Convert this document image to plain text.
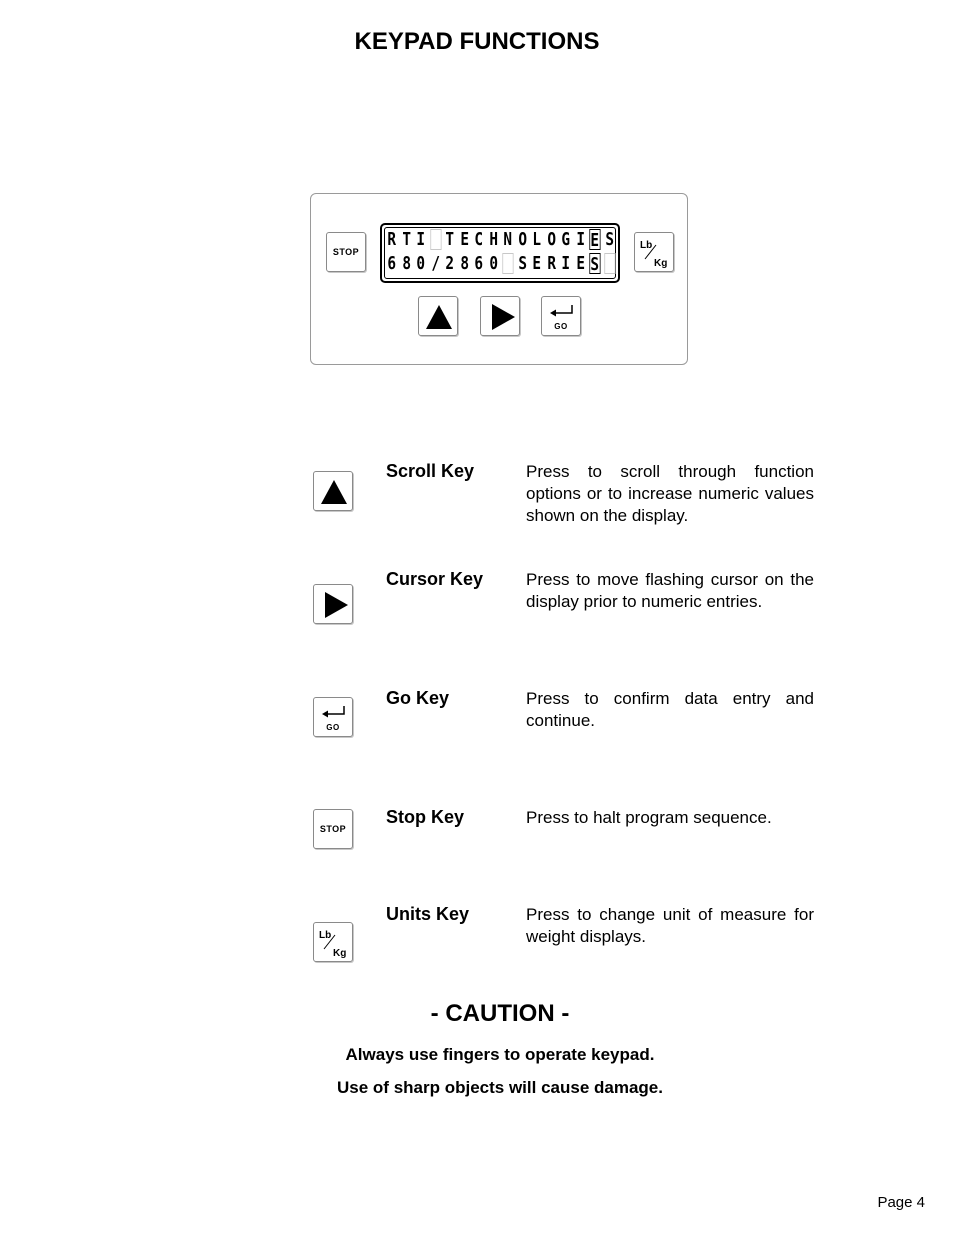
KEYPAD FUNCTIONS
STOP
R T I T E C H N O L O G I E S
6 8 0 / 2 8 6 0 S E R I E S
Lb
Kg
GO
Scroll Key	Press to scroll through function options or to increase numeric values shown on the display.
Cursor Key	Press to move flashing cursor on the display prior to numeric entries.
GO
Go Key	Press to confirm data entry and continue.
STOP
Stop Key	Press to halt program sequence.
Lb
Kg
Units Key	Press to change unit of measure for weight displays.
- CAUTION -
Always use fingers to operate keypad.
Use of sharp objects will cause damage.
Page 4
